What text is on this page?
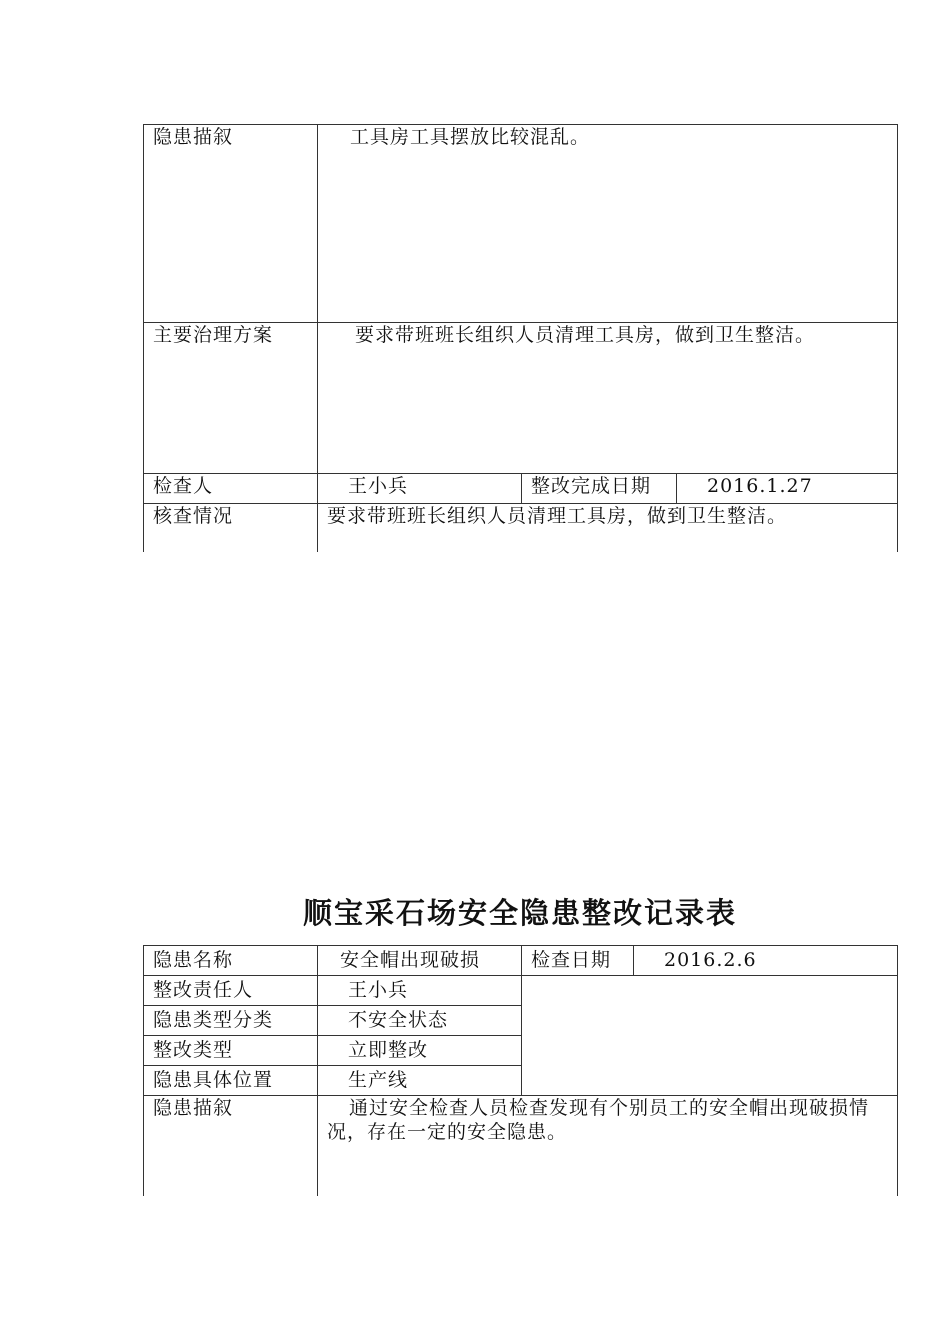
隐患描叙	工具房工具摆放比较混乱。		
主要治理方案	要求带班班长组织人员清理工具房，做到卫生整洁。		
检查人	王小兵	整改完成日期	2016.1.27
核查情况	要求带班班长组织人员清理工具房，做到卫生整洁。		
顺宝采石场安全隐患整改记录表
隐患名称	安全帽出现破损	检查日期	2016.2.6
整改责任人	王小兵		
隐患类型分类	不安全状态		
整改类型	立即整改		
隐患具体位置	生产线		
隐患描叙	通过安全检查人员检查发现有个别员工的安全帽出现破损情况，存在一定的安全隐患。		
